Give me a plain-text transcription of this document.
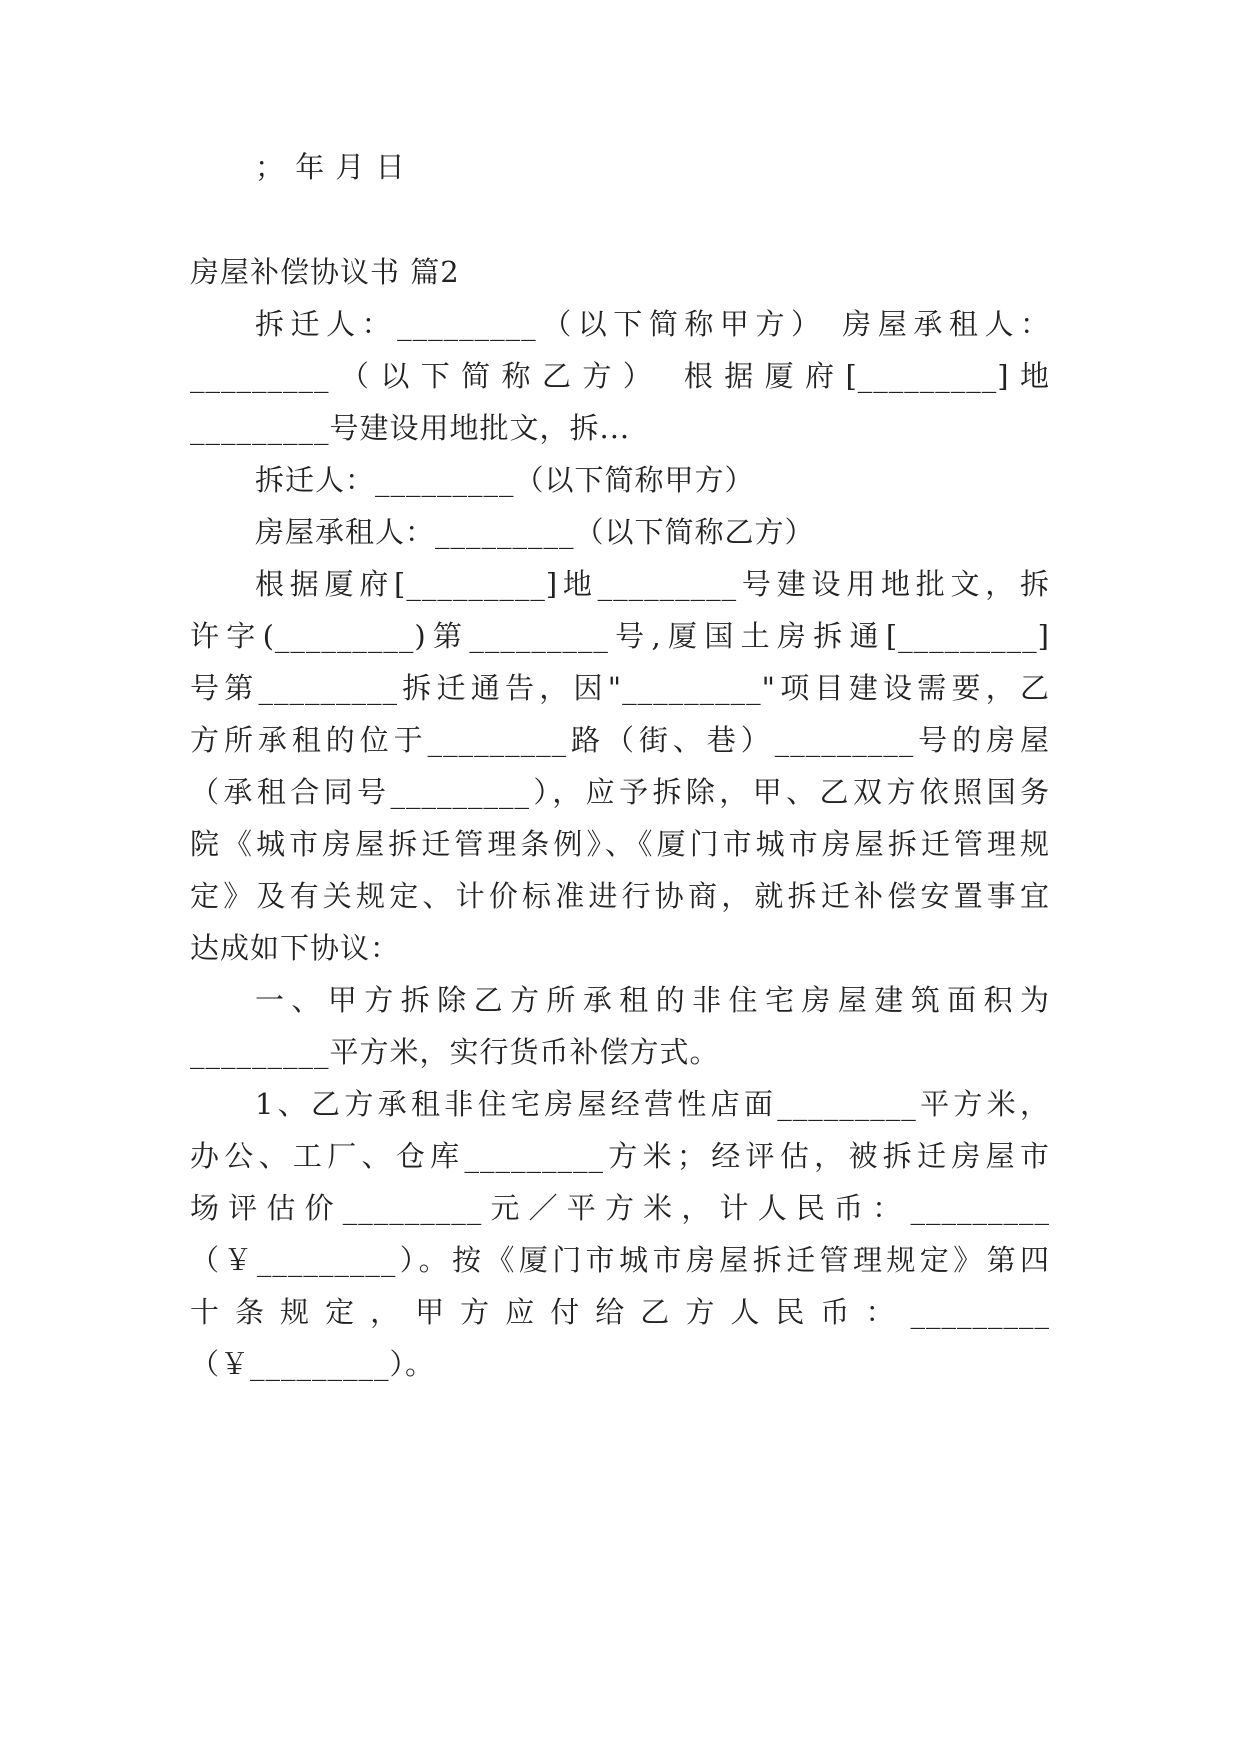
； 年 月 日
房屋补偿协议书 篇2
拆迁人：_________（以下简称甲方） 房屋承租人：
_________（以下简称乙方） 根据厦府[_________]地
_________号建设用地批文，拆...
拆迁人：_________（以下简称甲方）
房屋承租人：_________（以下简称乙方）
根据厦府[_________]地_________号建设用地批文，拆
许字(_________)第_________号,厦国土房拆通[_________]
号第_________拆迁通告，因"_________"项目建设需要，乙
方所承租的位于_________路（街、巷）_________号的房屋
（承租合同号_________），应予拆除，甲、乙双方依照国务
院《城市房屋拆迁管理条例》、《厦门市城市房屋拆迁管理规
定》及有关规定、计价标准进行协商，就拆迁补偿安置事宜
达成如下协议：
一、甲方拆除乙方所承租的非住宅房屋建筑面积为
_________平方米，实行货币补偿方式。
1、乙方承租非住宅房屋经营性店面_________平方米，
办公、工厂、仓库_________方米；经评估，被拆迁房屋市
场评估价_________元／平方米，计人民币：_________
（￥_________）。按《厦门市城市房屋拆迁管理规定》第四
十条规定，甲方应付给乙方人民币：_________
（￥_________）。
